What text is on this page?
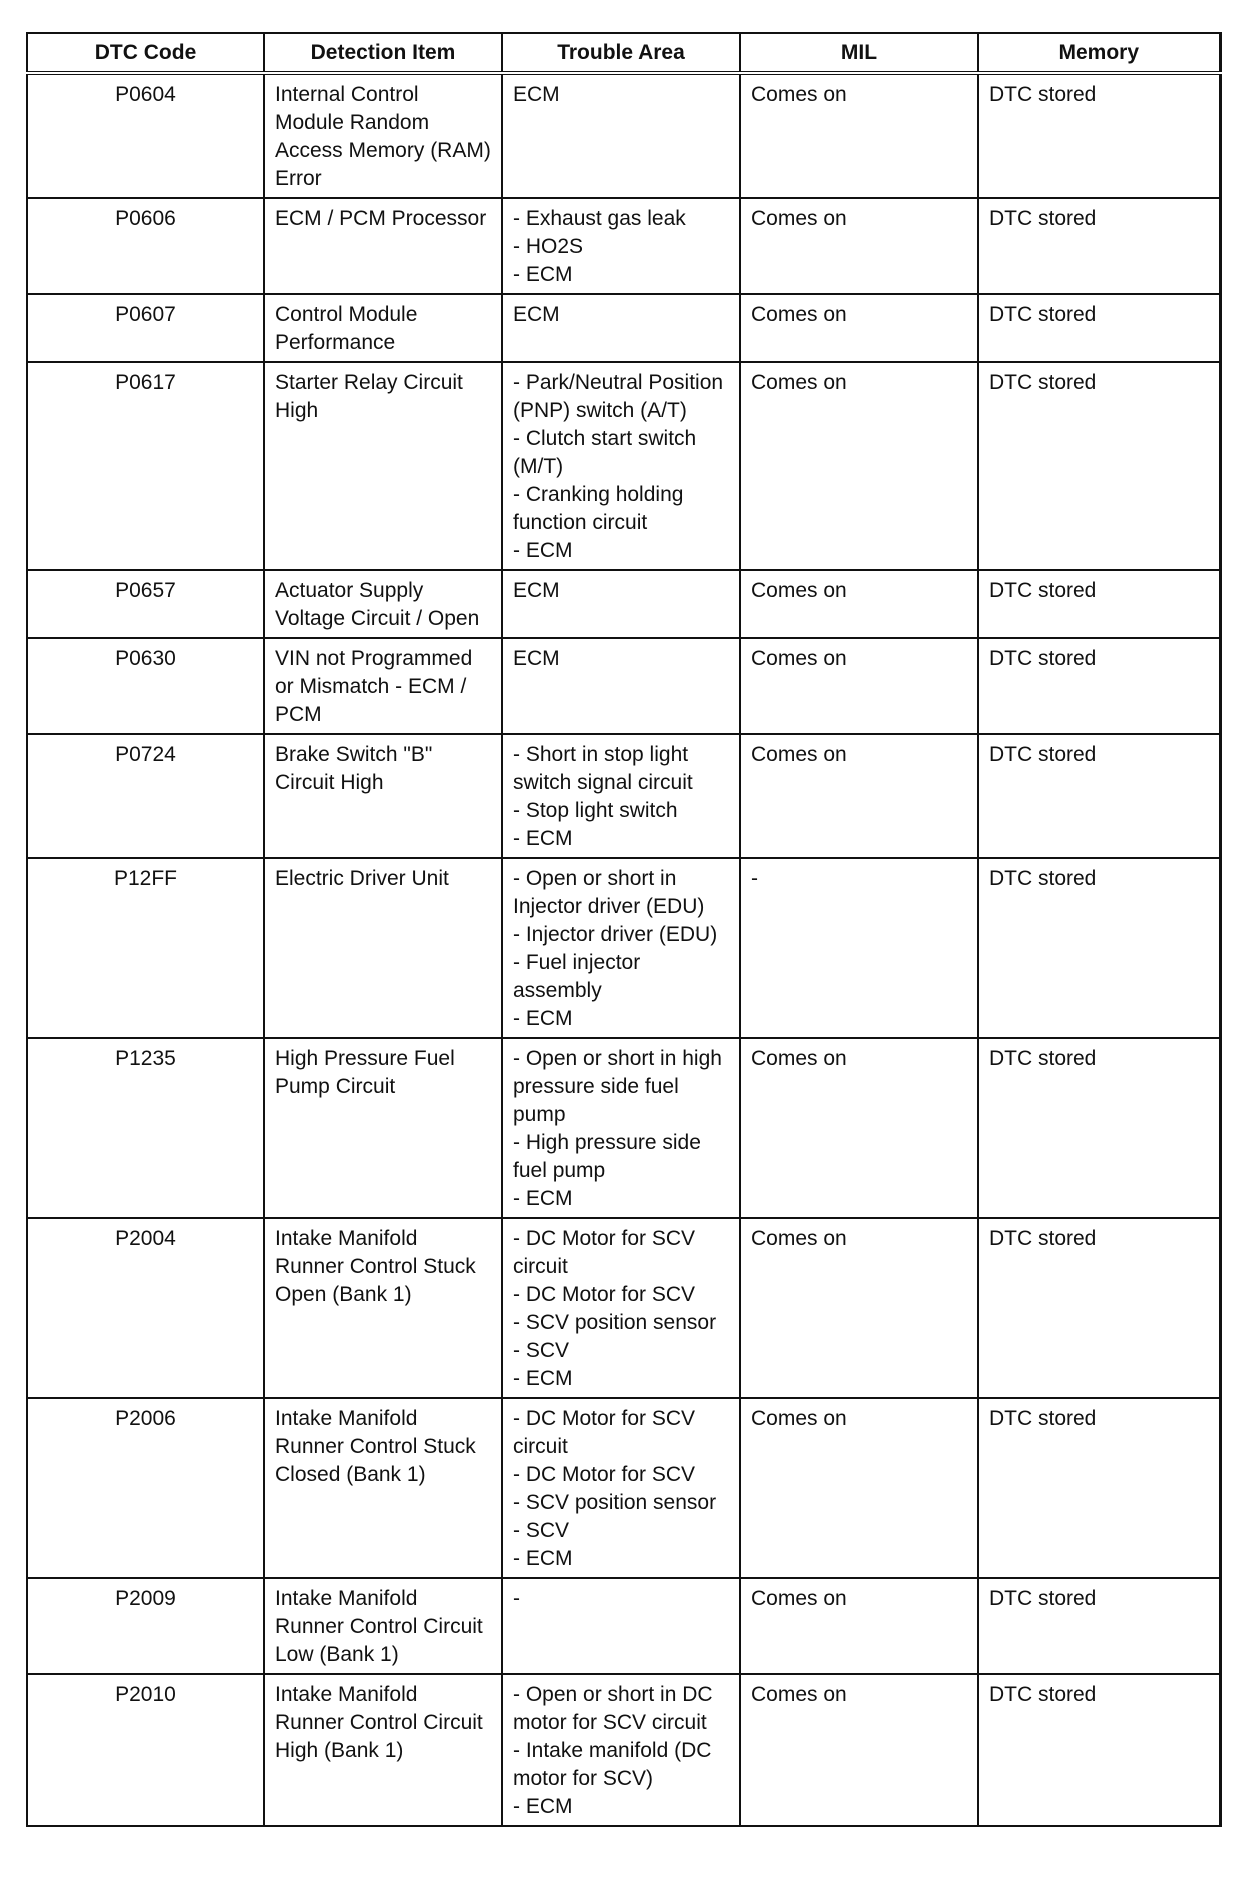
DTC Code	Detection Item	Trouble Area	MIL	Memory
P0604	Internal Control Module Random Access Memory (RAM) Error	ECM	Comes on	DTC stored
P0606	ECM / PCM Processor	- Exhaust gas leak
- HO2S
- ECM	Comes on	DTC stored
P0607	Control Module Performance	ECM	Comes on	DTC stored
P0617	Starter Relay Circuit High	- Park/Neutral Position (PNP) switch (A/T)
- Clutch start switch (M/T)
- Cranking holding function circuit
- ECM	Comes on	DTC stored
P0657	Actuator Supply Voltage Circuit / Open	ECM	Comes on	DTC stored
P0630	VIN not Programmed or Mismatch - ECM / PCM	ECM	Comes on	DTC stored
P0724	Brake Switch "B" Circuit High	- Short in stop light switch signal circuit
- Stop light switch
- ECM	Comes on	DTC stored
P12FF	Electric Driver Unit	- Open or short in Injector driver (EDU)
- Injector driver (EDU)
- Fuel injector assembly
- ECM	-	DTC stored
P1235	High Pressure Fuel Pump Circuit	- Open or short in high pressure side fuel pump
- High pressure side fuel pump
- ECM	Comes on	DTC stored
P2004	Intake Manifold Runner Control Stuck Open (Bank 1)	- DC Motor for SCV circuit
- DC Motor for SCV
- SCV position sensor
- SCV
- ECM	Comes on	DTC stored
P2006	Intake Manifold Runner Control Stuck Closed (Bank 1)	- DC Motor for SCV circuit
- DC Motor for SCV
- SCV position sensor
- SCV
- ECM	Comes on	DTC stored
P2009	Intake Manifold Runner Control Circuit Low (Bank 1)	-	Comes on	DTC stored
P2010	Intake Manifold Runner Control Circuit High (Bank 1)	- Open or short in DC motor for SCV circuit
- Intake manifold (DC motor for SCV)
- ECM	Comes on	DTC stored
